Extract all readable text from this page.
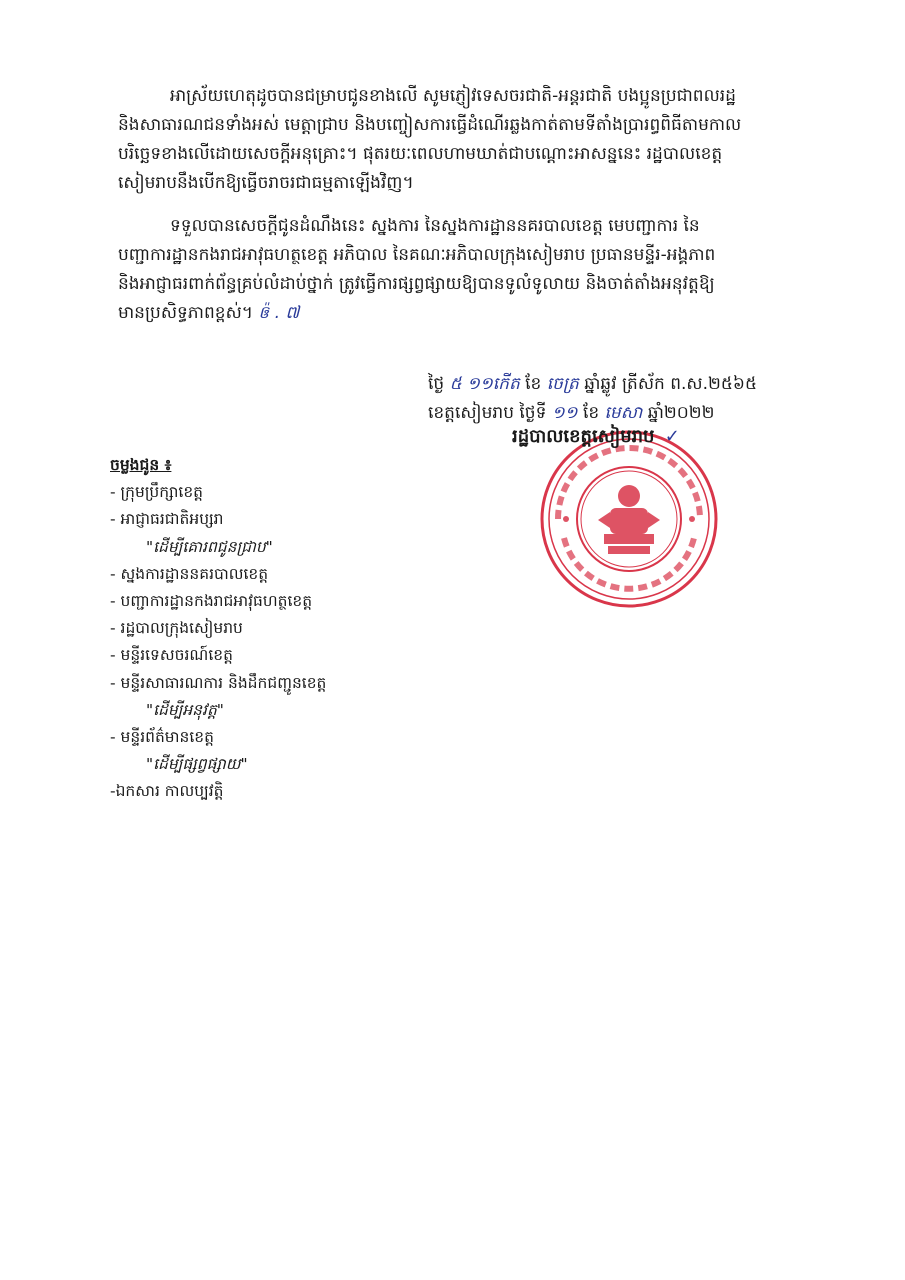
អាស្រ័យហេតុដូចបានជម្រាបជូនខាងលើ សូមភ្ញៀវទេសចរជាតិ-អន្តរជាតិ បងប្អូនប្រជាពលរដ្ឋ
និងសាធារណជនទាំងអស់ មេត្តាជ្រាប និងបញ្ចៀសការធ្វើដំណើរឆ្លងកាត់តាមទីតាំងប្រារព្ធពិធីតាមកាល
បរិច្ឆេទខាងលើដោយសេចក្តីអនុគ្រោះ។ ផុតរយៈពេលហាមឃាត់ជាបណ្តោះអាសន្ននេះ រដ្ឋបាលខេត្ត
សៀមរាបនឹងបើកឱ្យធ្វើចរាចរជាធម្មតាឡើងវិញ។
ទទួលបានសេចក្តីជូនដំណឹងនេះ ស្នងការ នៃស្នងការដ្ឋាននគរបាលខេត្ត មេបញ្ជាការ នៃ
បញ្ជាការដ្ឋានកងរាជអាវុធហត្ថខេត្ត អភិបាល នៃគណៈអភិបាលក្រុងសៀមរាប ប្រធានមន្ទីរ-អង្គភាព
និងអាជ្ញាធរពាក់ព័ន្ធគ្រប់លំដាប់ថ្នាក់ ត្រូវធ្វើការផ្សព្វផ្សាយឱ្យបានទូលំទូលាយ និងចាត់តាំងអនុវត្តឱ្យ
មានប្រសិទ្ធភាពខ្ពស់។ ឲ៉ . ៧
ថ្ងៃ ៥ ១១កើត ខែ ចេត្រ ឆ្នាំឆ្លូវ ត្រីស័ក ព.ស.២៥៦៥
ខេត្តសៀមរាប ថ្ងៃទី ១១ ខែ មេសា ឆ្នាំ២០២២
រដ្ឋបាលខេត្តសៀមរាប ✓
ចម្លងជូន ៖
- ក្រុមប្រឹក្សាខេត្ត
- អាជ្ញាធរជាតិអប្សរា
"ដើម្បីគោរពជូនជ្រាប"
- ស្នងការដ្ឋាននគរបាលខេត្ត
- បញ្ជាការដ្ឋានកងរាជអាវុធហត្ថខេត្ត
- រដ្ឋបាលក្រុងសៀមរាប
- មន្ទីរទេសចរណ៍ខេត្ត
- មន្ទីរសាធារណការ និងដឹកជញ្ជូនខេត្ត
"ដើម្បីអនុវត្ត"
- មន្ទីរព័ត៌មានខេត្ត
"ដើម្បីផ្សព្វផ្សាយ"
-ឯកសារ កាលប្បវត្តិ
